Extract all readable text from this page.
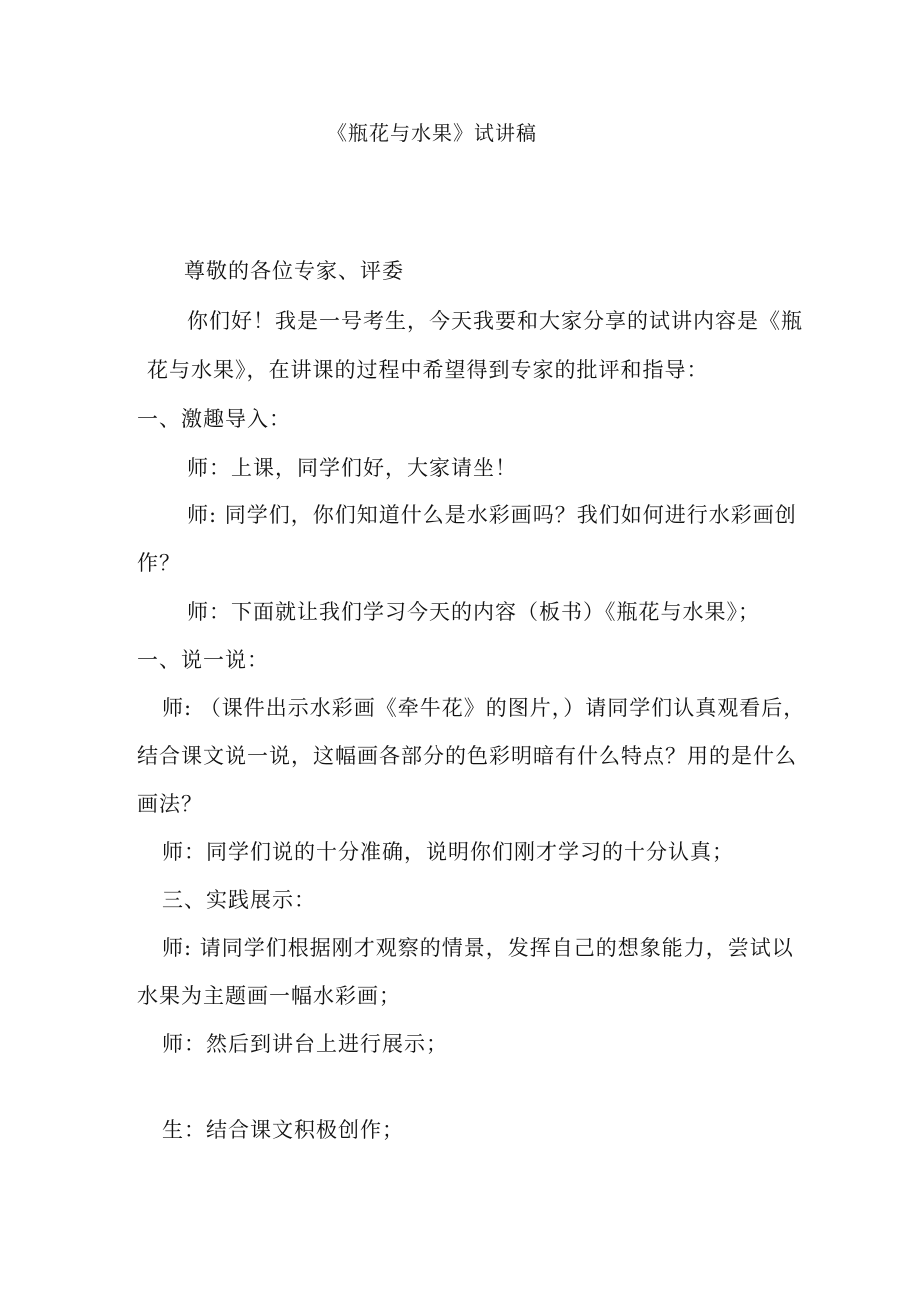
《瓶花与水果》试讲稿
尊敬的各位专家、评委
你们好！我是一号考生，今天我要和大家分享的试讲内容是《瓶
花与水果》，在讲课的过程中希望得到专家的批评和指导：
一、激趣导入：
师：上课，同学们好，大家请坐！
师: 同学们，你们知道什么是水彩画吗？我们如何进行水彩画创
作？
师：下面就让我们学习今天的内容（板书）《瓶花与水果》；
一、说一说：
师: （课件出示水彩画《牵牛花》的图片，）请同学们认真观看后，
结合课文说一说，这幅画各部分的色彩明暗有什么特点？用的是什么
画法？
师：同学们说的十分准确，说明你们刚才学习的十分认真；
三、实践展示：
师: 请同学们根据刚才观察的情景，发挥自己的想象能力，尝试以
水果为主题画一幅水彩画；
师：然后到讲台上进行展示；
生：结合课文积极创作；
